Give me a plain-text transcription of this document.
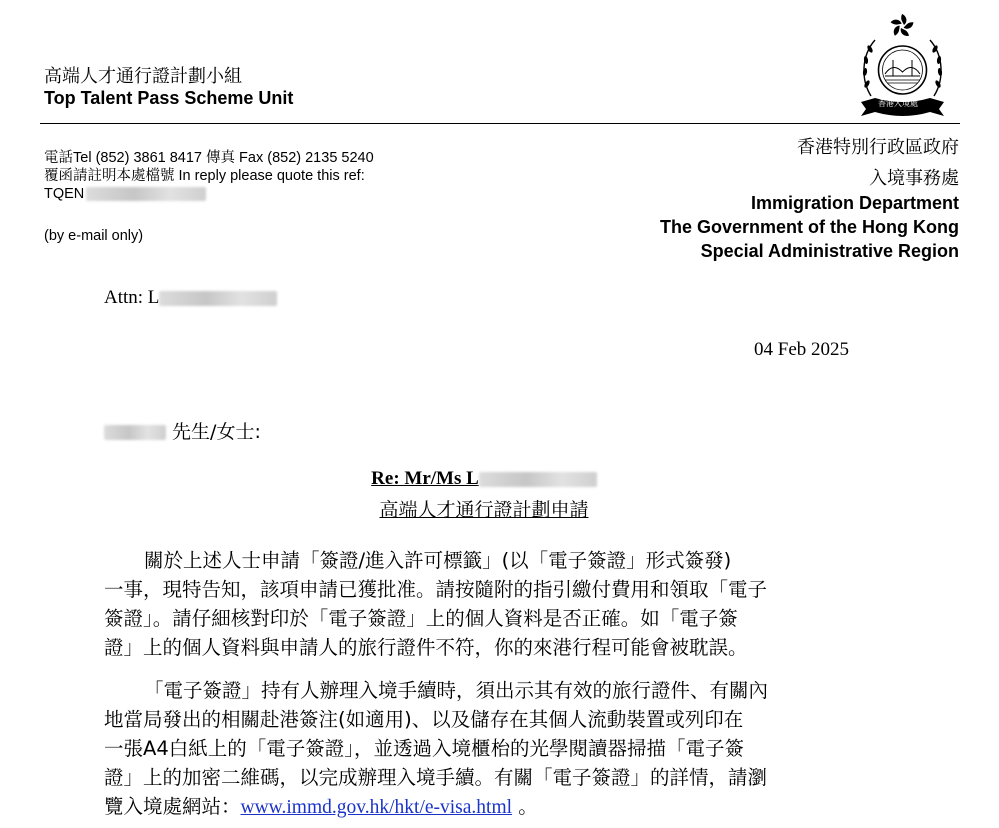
高端人才通行證計劃小組
Top Talent Pass Scheme Unit
電話Tel (852) 3861 8417 傳真 Fax (852) 2135 5240
覆函請註明本處檔號 In reply please quote this ref:
TQEN
(by e-mail only)
香港入境處
香港特別行政區政府
入境事務處
Immigration Department
The Government of the Hong Kong
Special Administrative Region
Attn: L
04 Feb 2025
先生/女士:
Re: Mr/Ms L
高端人才通行證計劃申請
關於上述人士申請「簽證/進入許可標籤」(以「電子簽證」形式簽發)
一事，現特告知，該項申請已獲批准。請按隨附的指引繳付費用和領取「電子
簽證」。請仔細核對印於「電子簽證」上的個人資料是否正確。如「電子簽
證」上的個人資料與申請人的旅行證件不符，你的來港行程可能會被耽誤。
「電子簽證」持有人辦理入境手續時，須出示其有效的旅行證件、有關內
地當局發出的相關赴港簽注(如適用)、以及儲存在其個人流動裝置或列印在
一張A4白紙上的「電子簽證」，並透過入境櫃枱的光學閱讀器掃描「電子簽
證」上的加密二維碼，以完成辦理入境手續。有關「電子簽證」的詳情，請瀏
覽入境處網站：www.immd.gov.hk/hkt/e-visa.html 。
